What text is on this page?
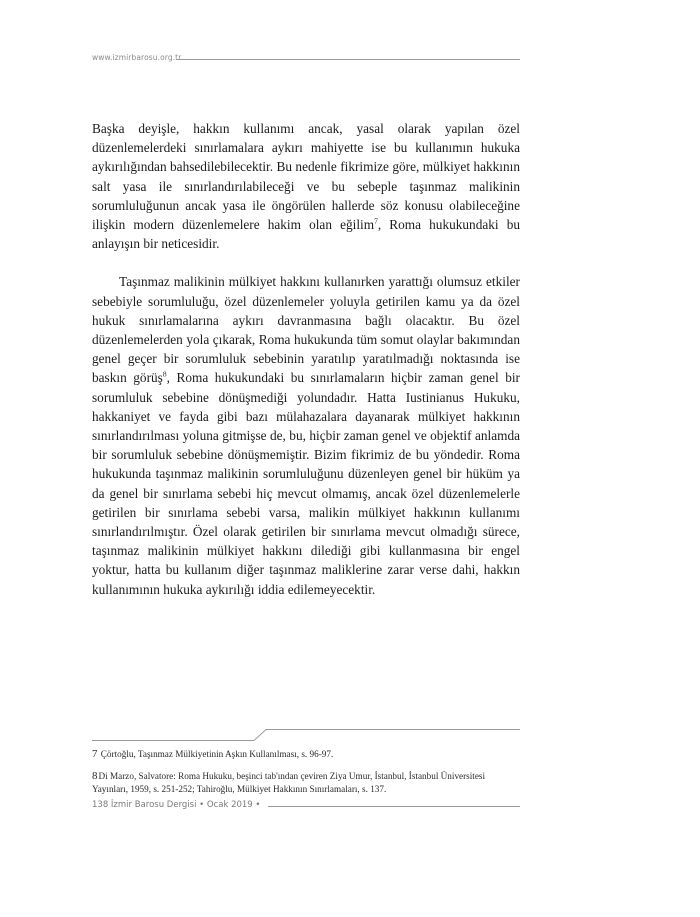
www.izmirbarosu.org.tr

Başka deyişle, hakkın kullanımı ancak, yasal olarak yapılan özel düzenlemelerdeki sınırlamalara aykırı mahiyette ise bu kullanımın hukuka aykırılığından bahsedilebilecektir. Bu nedenle fikrimize göre, mülkiyet hakkının salt yasa ile sınırlandırılabileceği ve bu sebeple taşınmaz malikinin sorumluluğunun ancak yasa ile öngörülen hallerde söz konusu olabileceğine ilişkin modern düzenlemelere hakim olan eğilim$^7$, Roma hukukundaki bu anlayışın bir neticesidir.

Taşınmaz malikinin mülkiyet hakkını kullanırken yarattığı olumsuz etkiler sebebiyle sorumluluğu, özel düzenlemeler yoluyla getirilen kamu ya da özel hukuk sınırlamalarına aykırı davranmasına bağlı olacaktır. Bu özel düzenlemelerden yola çıkarak, Roma hukukunda tüm somut olaylar bakımından genel geçer bir sorumluluk sebebinin yaratılıp yaratılmadığı noktasında ise baskın görüş$^8$, Roma hukukundaki bu sınırlamaların hiçbir zaman genel bir sorumluluk sebebine dönüşmediği yolundadır. Hatta Iustinianus Hukuku, hakkaniyet ve fayda gibi bazı mülahazalara dayanarak mülkiyet hakkının sınırlandırılması yoluna gitmişse de, bu, hiçbir zaman genel ve objektif anlamda bir sorumluluk sebebine dönüşmemiştir. Bizim fikrimiz de bu yöndedir. Roma hukukunda taşınmaz malikinin sorumluluğunu düzenleyen genel bir hüküm ya da genel bir sınırlama sebebi hiç mevcut olmamış, ancak özel düzenlemelerle getirilen bir sınırlama sebebi varsa, malikin mülkiyet hakkının kullanımı sınırlandırılmıştır. Özel olarak getirilen bir sınırlama mevcut olmadığı sürece, taşınmaz malikinin mülkiyet hakkını dilediği gibi kullanmasına bir engel yoktur, hatta bu kullanım diğer taşınmaz maliklerine zarar verse dahi, hakkın kullanımının hukuka aykırılığı iddia edilemeyecektir.

7 Çörtoğlu, Taşınmaz Mülkiyetinin Aşkın Kullanılması, s. 96-97.

8Di Marzo, Salvatore: Roma Hukuku, beşinci tab'ından çeviren Ziya Umur, İstanbul, İstanbul Üniversitesi
Yayınları, 1959, s. 251-252; Tahiroğlu, Mülkiyet Hakkının Sınırlamaları, s. 137.

138 İzmir Barosu Dergisi • Ocak 2019 •
